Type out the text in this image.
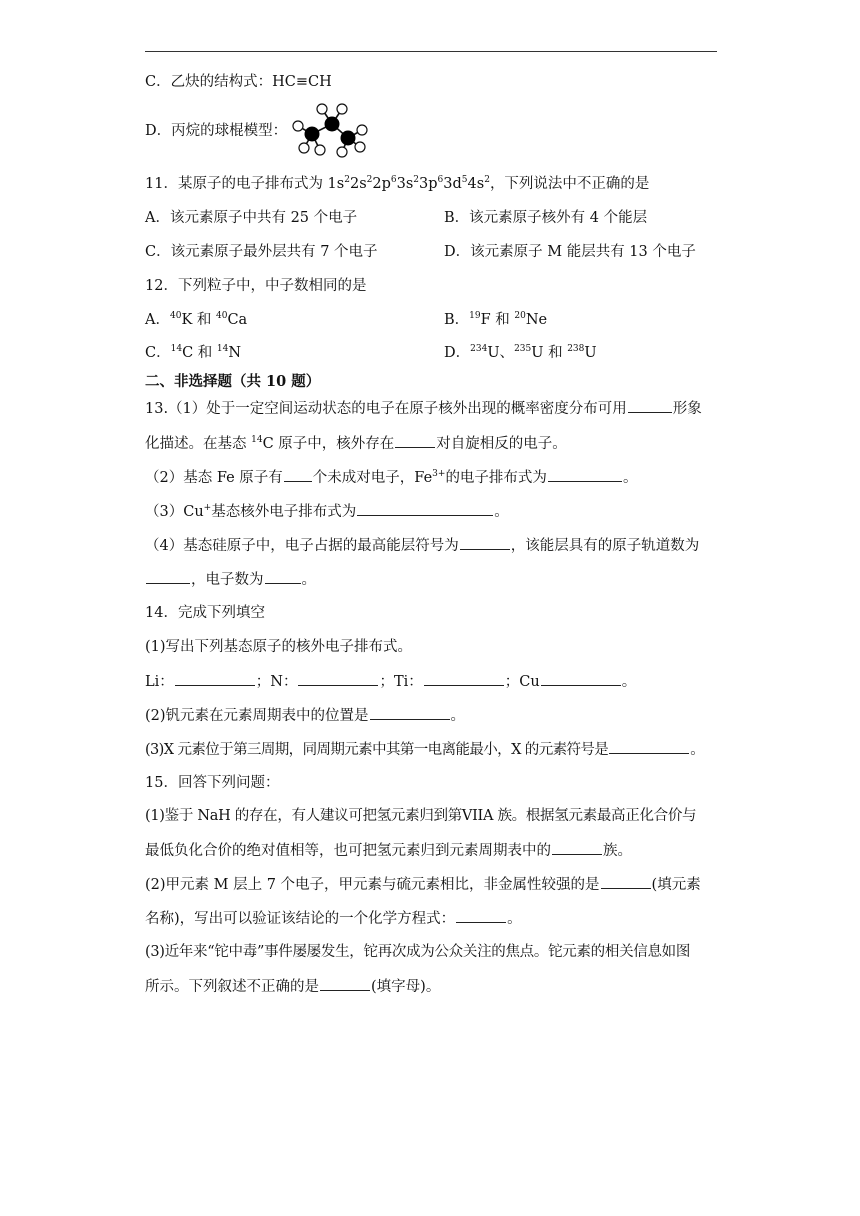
C．乙炔的结构式：HC≡CH
D．丙烷的球棍模型：
11．某原子的电子排布式为 $1s^22s^22p^63s^23p^63d^54s^2$，下列说法中不正确的是
A．该元素原子中共有 25 个电子	B．该元素原子核外有 4 个能层
C．该元素原子最外层共有 7 个电子	D．该元素原子 M 能层共有 13 个电子
12．下列粒子中，中子数相同的是
A．$^{40}$K 和 $^{40}$Ca	B．$^{19}$F 和 $^{20}$Ne
C．$^{14}$C 和 $^{14}$N	D．$^{234}$U、$^{235}$U 和 $^{238}$U
二、非选择题（共 10 题）
13.（1）处于一定空间运动状态的电子在原子核外出现的概率密度分布可用	形象
化描述。在基态 $^{14}$C 原子中，核外存在	对自旋相反的电子。
（2）基态 Fe 原子有 个未成对电子，$Fe^{3+}$的电子排布式为	。
（3）Cu+基态核外电子排布式为	。
（4）基态硅原子中，电子占据的最高能层符号为	，该能层具有的原子轨道数为
，电子数为	。
14．完成下列填空
(1)写出下列基态原子的核外电子排布式。
Li：	；N：	；Ti：	；Cu	。
(2)钒元素在元素周期表中的位置是	。
(3)X 元素位于第三周期，同周期元素中其第一电离能最小，X 的元素符号是	。
15．回答下列问题：
(1)鉴于 NaH 的存在，有人建议可把氢元素归到第VIIA 族。根据氢元素最高正化合价与
最低负化合价的绝对值相等，也可把氢元素归到元素周期表中的	族。
(2)甲元素 M 层上 7 个电子，甲元素与硫元素相比，非金属性较强的是	(填元素
名称)，写出可以验证该结论的一个化学方程式：	。
(3)近年来“铊中毒”事件屡屡发生，铊再次成为公众关注的焦点。铊元素的相关信息如图
所示。下列叙述不正确的是	(填字母)。
